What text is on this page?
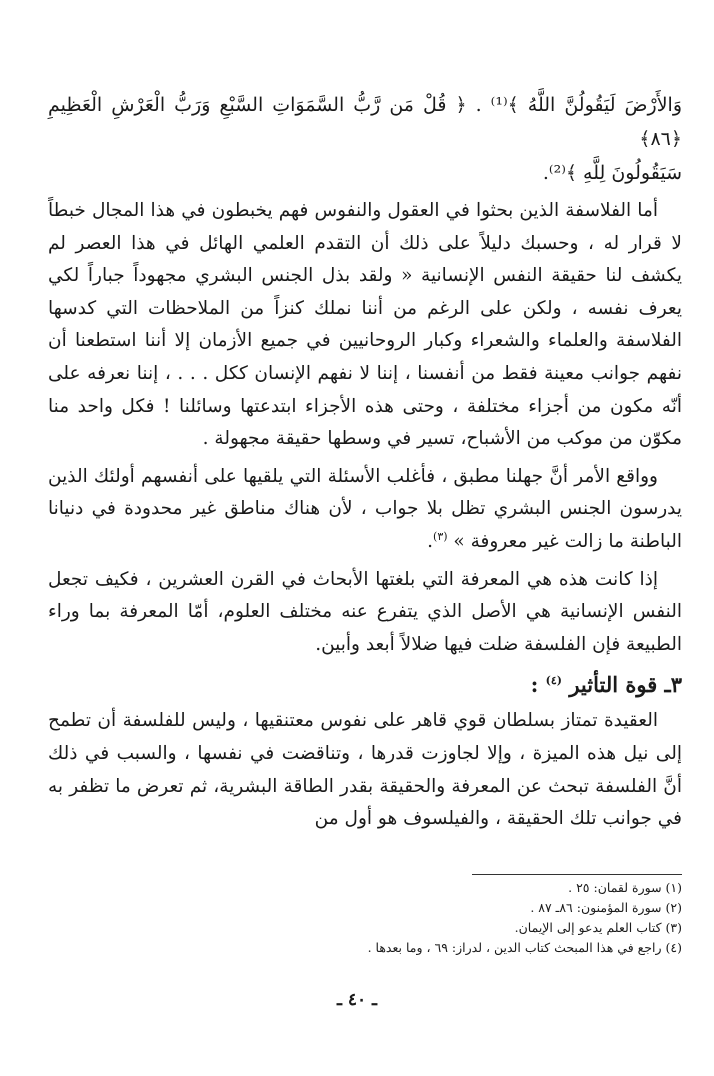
وَالأَرْضَ لَيَقُولُنَّ اللَّهُ ﴾⁽¹⁾ . ﴿ قُلْ مَن رَّبُّ السَّمَوَاتِ السَّبْعِ وَرَبُّ الْعَرْشِ الْعَظِيمِ ﴿٨٦﴾
سَيَقُولُونَ لِلَّهِ ﴾⁽²⁾.

أما الفلاسفة الذين بحثوا في العقول والنفوس فهم يخبطون في هذا المجال خبطاً لا قرار له ، وحسبك دليلاً على ذلك أن التقدم العلمي الهائل في هذا العصر لم يكشف لنا حقيقة النفس الإنسانية « ولقد بذل الجنس البشري مجهوداً جباراً لكي يعرف نفسه ، ولكن على الرغم من أننا نملك كنزاً من الملاحظات التي كدسها الفلاسفة والعلماء والشعراء وكبار الروحانيين في جميع الأزمان إلا أننا استطعنا أن نفهم جوانب معينة فقط من أنفسنا ، إننا لا نفهم الإنسان ككل . . . ، إننا نعرفه على أنّه مكون من أجزاء مختلفة ، وحتى هذه الأجزاء ابتدعتها وسائلنا ! فكل واحد منا مكوّن من موكب من الأشباح، تسير في وسطها حقيقة مجهولة .

وواقع الأمر أنَّ جهلنا مطبق ، فأغلب الأسئلة التي يلقيها على أنفسهم أولئك الذين يدرسون الجنس البشري تظل بلا جواب ، لأن هناك مناطق غير محدودة في دنيانا الباطنة ما زالت غير معروفة » $^{(٣)}$.

إذا كانت هذه هي المعرفة التي بلغتها الأبحاث في القرن العشرين ، فكيف تجعل النفس الإنسانية هي الأصل الذي يتفرع عنه مختلف العلوم، أمّا المعرفة بما وراء الطبيعة فإن الفلسفة ضلت فيها ضلالاً أبعد وأبين.

٣ـ قوة التأثير $^{(٤)}$ :

العقيدة تمتاز بسلطان قوي قاهر على نفوس معتنقيها ، وليس للفلسفة أن تطمح إلى نيل هذه الميزة ، وإلا لجاوزت قدرها ، وتناقضت في نفسها ، والسبب في ذلك أنَّ الفلسفة تبحث عن المعرفة والحقيقة بقدر الطاقة البشرية، ثم تعرض ما تظفر به في جوانب تلك الحقيقة ، والفيلسوف هو أول من

(١) سورة لقمان: ٢٥ .
(٢) سورة المؤمنون: ٨٦ـ ٨٧ .
(٣) كتاب العلم يدعو إلى الإيمان.
(٤) راجع في هذا المبحث كتاب الدين ، لدراز: ٦٩ ، وما بعدها .
ـ ٤٠ ـ
